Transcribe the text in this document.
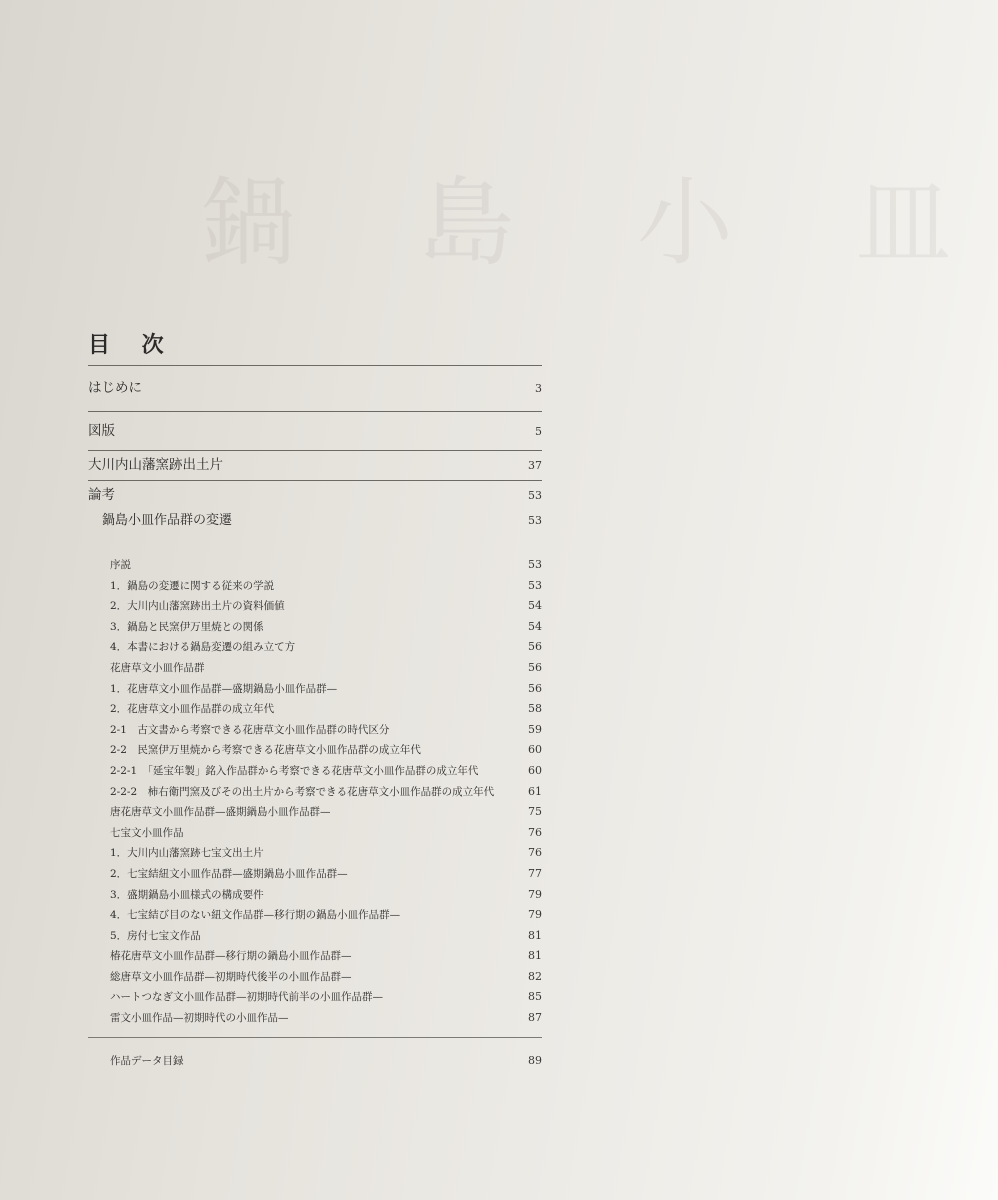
鍋 島 小 皿
目 次
はじめに	3
図版	5
大川内山藩窯跡出土片	37
論考	53
鍋島小皿作品群の変遷	53
序説	53
1．鍋島の変遷に関する従来の学説	53
2．大川内山藩窯跡出土片の資料価値	54
3．鍋島と民窯伊万里焼との関係	54
4．本書における鍋島変遷の組み立て方	56
花唐草文小皿作品群	56
1．花唐草文小皿作品群—盛期鍋島小皿作品群—	56
2．花唐草文小皿作品群の成立年代	58
2-1　古文書から考察できる花唐草文小皿作品群の時代区分	59
2-2　民窯伊万里焼から考察できる花唐草文小皿作品群の成立年代	60
2-2-1　「延宝年製」銘入作品群から考察できる花唐草文小皿作品群の成立年代	60
2-2-2　柿右衛門窯及びその出土片から考察できる花唐草文小皿作品群の成立年代	61
唐花唐草文小皿作品群—盛期鍋島小皿作品群—	75
七宝文小皿作品	76
1．大川内山藩窯跡七宝文出土片	76
2．七宝結紐文小皿作品群—盛期鍋島小皿作品群—	77
3．盛期鍋島小皿様式の構成要件	79
4．七宝結び目のない紐文作品群—移行期の鍋島小皿作品群—	79
5．房付七宝文作品	81
椿花唐草文小皿作品群—移行期の鍋島小皿作品群—	81
総唐草文小皿作品群—初期時代後半の小皿作品群—	82
ハートつなぎ文小皿作品群—初期時代前半の小皿作品群—	85
雷文小皿作品—初期時代の小皿作品—	87
作品データ目録	89
